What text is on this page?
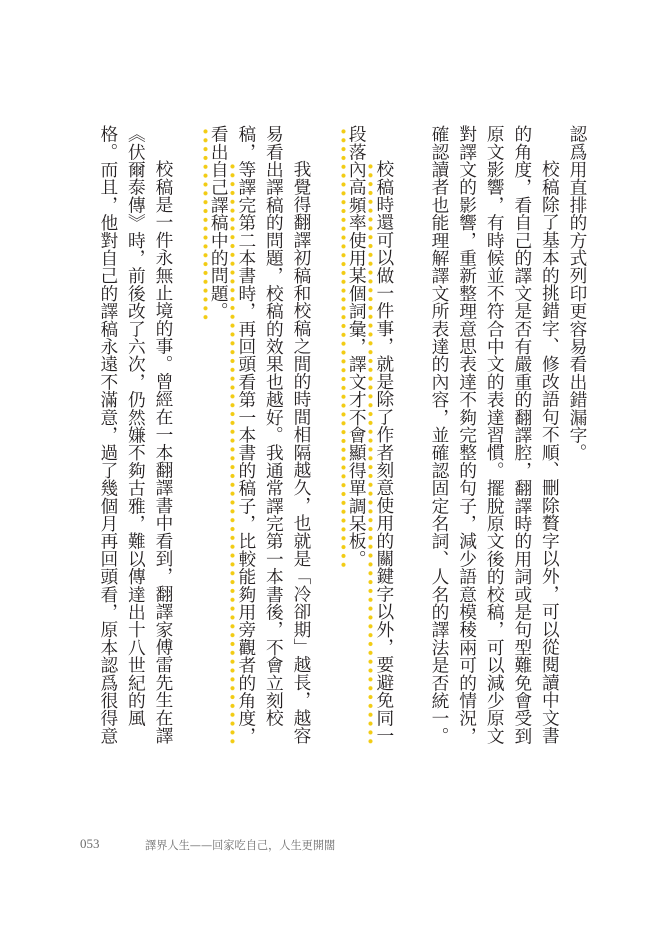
認爲用直排的方式列印更容易看出錯漏字。
校稿除了基本的挑錯字、修改語句不順、刪除贅字以外，可以從閱讀中文書
的角度，看自己的譯文是否有嚴重的翻譯腔，翻譯時的用詞或是句型難免會受到
原文影響，有時候並不符合中文的表達習慣。擺脫原文後的校稿，可以減少原文
對譯文的影響，重新整理意思表達不夠完整的句子，減少語意模稜兩可的情況，
確認讀者也能理解譯文所表達的內容，並確認固定名詞、人名的譯法是否統一。
校稿時還可以做一件事，就是除了作者刻意使用的關鍵字以外，要避免同一
段落內高頻率使用某個詞彙，譯文才不會顯得單調呆板。
我覺得翻譯初稿和校稿之間的時間相隔越久，也就是「冷卻期」越長，越容
易看出譯稿的問題，校稿的效果也越好。我通常譯完第一本書後，不會立刻校
稿，等譯完第二本書時，再回頭看第一本書的稿子，比較能夠用旁觀者的角度，
看出自己譯稿中的問題。
校稿是一件永無止境的事。曾經在一本翻譯書中看到，翻譯家傅雷先生在譯
《伏爾泰傳》時，前後改了六次，仍然嫌不夠古雅，難以傳達出十八世紀的風
格。而且，他對自己的譯稿永遠不滿意，過了幾個月再回頭看，原本認爲很得意
053	譯界人生——回家吃自己，人生更開闊
